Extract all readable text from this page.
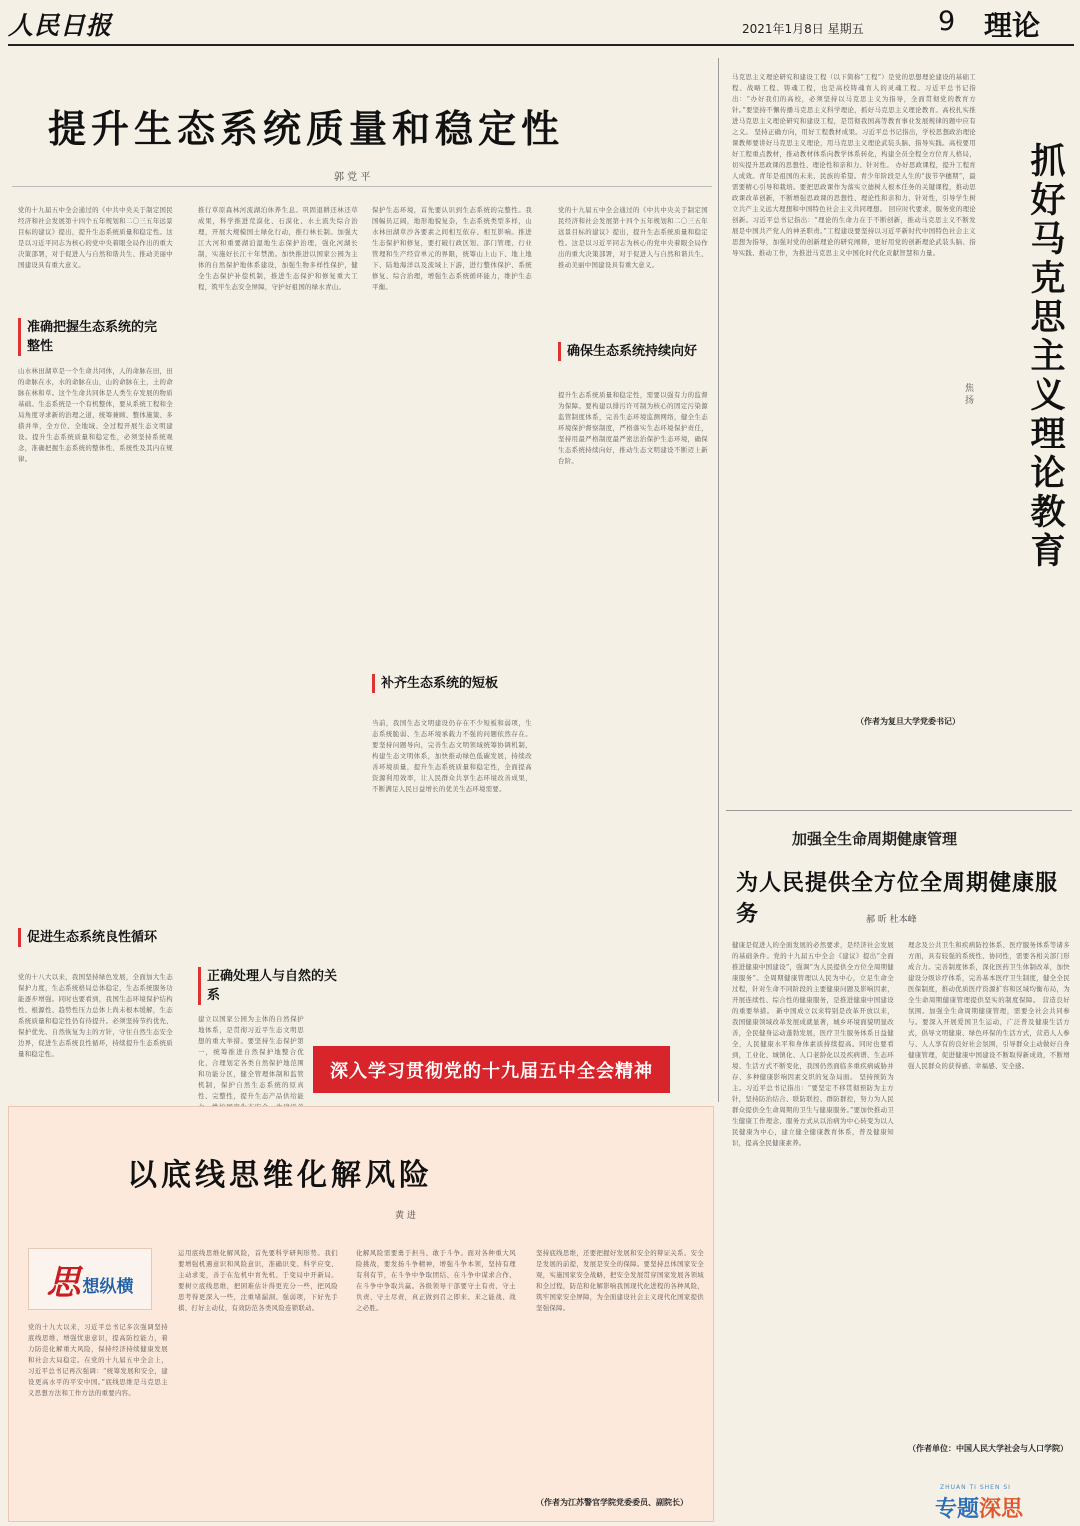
人民日报	2021年1月8日 星期五	9 理论
提升生态系统质量和稳定性
郭 党 平
准确把握生态系统的完整性
促进生态系统良性循环
正确处理人与自然的关系
补齐生态系统的短板
确保生态系统持续向好
党的十九届五中全会通过的《中共中央关于制定国民经济和社会发展第十四个五年规划和二〇三五年远景目标的建议》提出，提升生态系统质量和稳定性。这是以习近平同志为核心的党中央着眼全局作出的重大决策部署，对于促进人与自然和谐共生、推动美丽中国建设具有重大意义。
山水林田湖草是一个生命共同体，人的命脉在田，田的命脉在水，水的命脉在山，山的命脉在土，土的命脉在林和草。这个生命共同体是人类生存发展的物质基础。生态系统是一个有机整体，要从系统工程和全局角度寻求新的治理之道，统筹兼顾、整体施策、多措并举，全方位、全地域、全过程开展生态文明建设。提升生态系统质量和稳定性，必须坚持系统观念，准确把握生态系统的整体性、系统性及其内在规律。
党的十八大以来，我国坚持绿色发展，全面加大生态保护力度，生态系统格局总体稳定，生态系统服务功能逐步增强。同时也要看到，我国生态环境保护结构性、根源性、趋势性压力总体上尚未根本缓解，生态系统质量和稳定性仍有待提升。必须坚持节约优先、保护优先、自然恢复为主的方针，守住自然生态安全边界，促进生态系统良性循环，持续提升生态系统质量和稳定性。
推行草原森林河流湖泊休养生息。巩固退耕还林还草成果，科学推进荒漠化、石漠化、水土流失综合治理，开展大规模国土绿化行动，推行林长制。加强大江大河和重要湖泊湿地生态保护治理，强化河湖长制，实施好长江十年禁渔。加快推进以国家公园为主体的自然保护地体系建设，加强生物多样性保护，健全生态保护补偿机制，推进生态保护和修复重大工程，筑牢生态安全屏障，守护好祖国的绿水青山。
建立以国家公园为主体的自然保护地体系，是贯彻习近平生态文明思想的重大举措。要坚持生态保护第一，统筹推进自然保护地整合优化，合理划定各类自然保护地范围和功能分区，健全管理体制和监管机制，保护自然生态系统的原真性、完整性，提升生态产品供给能
保护生态环境，首先要认识到生态系统的完整性。我国幅员辽阔，地形地貌复杂，生态系统类型多样，山水林田湖草沙各要素之间相互依存、相互影响。推进生态保护和修复，要打破行政区划、部门管理、行业管理和生产经营单元的界限，统筹山上山下、地上地下、陆地海洋以及流域上下游，进行整体保护、系统修复、综合治理，增强生态系统循环能力，维护生态平衡。
当前，我国生态文明建设仍存在不少短板和弱项，生态系统脆弱、生态环境承载力不强的问题依然存在。要坚持问题导向，完善生态文明领域统筹协调机制，构建生态文明体系，加快推动绿色低碳发展，持续改善环境质量，提升生态系统质量和稳定性，全面提高资源利用效率，让人民群众共享生态环境改善成果，不断满足人民日益增长的优美生态环境需要。
党的十九届五中全会通过的《中共中央关于制定国民经济和社会发展第十四个五年规划和二〇三五年远景目标的建议》提出，提升生态系统质量和稳定性。这是以习近平同志为核心的党中央着眼全局作出的重大决策部署，对于促进人与自然和谐共生、推动美丽中国建设具有重大意义。
提升生态系统质量和稳定性，需要以强有力的监督为保障。要构建以排污许可制为核心的固定污染源监管制度体系，完善生态环境监测网络，健全生态环境保护督察制度，严格落实生态环境保护责任，坚持用最严格制度最严密法治保护生态环境，确保生态系统持续向好，推动生态文明建设不断迈上新台阶。
马克思主义理论研究和建设工程（以下简称“工程”）是党的思想理论建设的基础工程、战略工程、铸魂工程，也是高校铸魂育人的灵魂工程。习近平总书记指出：“办好我们的高校，必须坚持以马克思主义为指导，全面贯彻党的教育方针。”要坚持不懈传播马克思主义科学理论，抓好马克思主义理论教育。高校扎实推进马克思主义理论研究和建设工程，是贯彻我国高等教育事业发展规律的题中应有之义。 坚持正确方向，用好工程教材成果。习近平总书记指出，学校思想政治理论课教师要讲好马克思主义理论，用马克思主义理论武装头脑、指导实践。高校要用好工程重点教材，推动教材体系向教学体系转化，构建全员全程全方位育人格局，切实提升思政课的思想性、理论性和亲和力、针对性。 办好思政课程，提升工程育人成效。青年是祖国的未来、民族的希望。青少年阶段是人生的“拔节孕穗期”，最需要精心引导和栽培。要把思政课作为落实立德树人根本任务的关键课程，推动思政课改革创新，不断增强思政课的思想性、理论性和亲和力、针对性，引导学生树立共产主义远大理想和中国特色社会主义共同理想。 回应时代要求，服务党的理论创新。习近平总书记指出：“理论的生命力在于不断创新，推动马克思主义不断发展是中国共产党人的神圣职责。”工程建设要坚持以习近平新时代中国特色社会主义思想为指导，加强对党的创新理论的研究阐释，更好用党的创新理论武装头脑、指导实践、推动工作，为推进马克思主义中国化时代化贡献智慧和力量。	抓好马克思主义理论教育
焦 扬
（作者为复旦大学党委书记）
加强全生命周期健康管理
为人民提供全方位全周期健康服务	郝 昕 杜本峰
健康是促进人的全面发展的必然要求，是经济社会发展的基础条件。党的十九届五中全会《建议》提出“全面推进健康中国建设”，强调“为人民提供全方位全周期健康服务”。全周期健康管理以人民为中心，立足生命全过程，针对生命不同阶段的主要健康问题及影响因素，开展连续性、综合性的健康服务，是推进健康中国建设的重要举措。 新中国成立以来特别是改革开放以来，我国健康领域改革发展成就显著，城乡环境面貌明显改善，全民健身运动蓬勃发展，医疗卫生服务体系日益健全，人民健康水平和身体素质持续提高。同时也要看到，工业化、城镇化、人口老龄化以及疾病谱、生态环境、生活方式不断变化，我国仍然面临多重疾病威胁并存、多种健康影响因素交织的复杂局面。 坚持预防为主。习近平总书记指出：“要坚定不移贯彻预防为主方针，坚持防治结合、联防联控、群防群控，努力为人民群众提供全生命周期的卫生与健康服务。”要加快推动卫生健康工作理念、服务方式从以治病为中心转变为以人民健康为中心，建立健全健康教育体系，普及健康知识，提高全民健康素养。
理念及公共卫生和疾病防控体系、医疗服务体系等诸多方面，具有较强的系统性、协同性，需要各相关部门形成合力。完善制度体系，深化医药卫生体制改革，加快建设分级诊疗体系，完善基本医疗卫生制度，健全全民医保制度，推动优质医疗资源扩容和区域均衡布局，为全生命周期健康管理提供坚实的制度保障。 营造良好氛围。加强全生命周期健康管理，需要全社会共同参与。要深入开展爱国卫生运动，广泛普及健康生活方式，倡导文明健康、绿色环保的生活方式，营造人人参与、人人享有的良好社会氛围，引导群众主动做好自身健康管理，促进健康中国建设不断取得新成效，不断增强人民群众的获得感、幸福感、安全感。
（作者单位：中国人民大学社会与人口学院）
深入学习贯彻党的十九届五中全会精神
以底线思维化解风险
黄 进
思 想纵横
党的十九大以来，习近平总书记多次强调坚持底线思维、增强忧患意识，提高防控能力，着力防范化解重大风险，保持经济持续健康发展和社会大局稳定。在党的十九届五中全会上，习近平总书记再次强调：“统筹发展和安全，建设更高水平的平安中国。”底线思维是马克思主义思想方法和工作方法的重要内容。
运用底线思维化解风险，首先要科学研判形势。我们要增强机遇意识和风险意识，准确识变、科学应变、主动求变，善于在危机中育先机、于变局中开新局。要树立底线思维，把困难估计得更充分一些，把风险思考得更深入一些，注重堵漏洞、强弱项，下好先手棋、打好主动仗，有效防范各类风险连锁联动。
化解风险需要勇于担当、敢于斗争。面对各种重大风险挑战，要发扬斗争精神，增强斗争本领，坚持有理有利有节，在斗争中争取团结、在斗争中谋求合作、在斗争中争取共赢。各级领导干部要守土有责、守土负责、守土尽责，真正做到召之即来、来之能战、战之必胜。
坚持底线思维，还要把握好发展和安全的辩证关系。安全是发展的前提，发展是安全的保障。要坚持总体国家安全观，实施国家安全战略，把安全发展贯穿国家发展各领域和全过程，防范和化解影响我国现代化进程的各种风险，筑牢国家安全屏障，为全面建设社会主义现代化国家提供坚强保障。
（作者为江苏警官学院党委委员、副院长）
ZHUAN TI SHEN SI
专题深思
